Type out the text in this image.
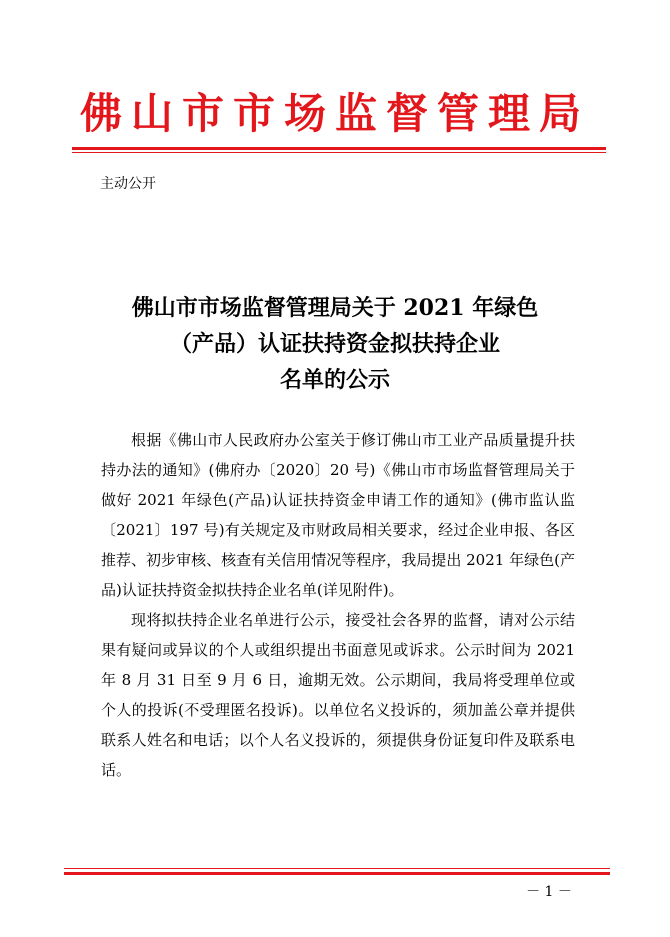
佛山市市场监督管理局
主动公开
佛山市市场监督管理局关于 2021 年绿色
（产品）认证扶持资金拟扶持企业
名单的公示

根据《佛山市人民政府办公室关于修订佛山市工业产品质量提升扶持办法的通知》(佛府办〔2020〕20 号)《佛山市市场监督管理局关于做好 2021 年绿色(产品)认证扶持资金申请工作的通知》(佛市监认监〔2021〕197 号)有关规定及市财政局相关要求，经过企业申报、各区推荐、初步审核、核查有关信用情况等程序，我局提出 2021 年绿色(产品)认证扶持资金拟扶持企业名单(详见附件)。

现将拟扶持企业名单进行公示，接受社会各界的监督，请对公示结果有疑问或异议的个人或组织提出书面意见或诉求。公示时间为 2021 年 8 月 31 日至 9 月 6 日，逾期无效。公示期间，我局将受理单位或个人的投诉(不受理匿名投诉)。以单位名义投诉的，须加盖公章并提供联系人姓名和电话；以个人名义投诉的，须提供身份证复印件及联系电话。

－ 1 －
